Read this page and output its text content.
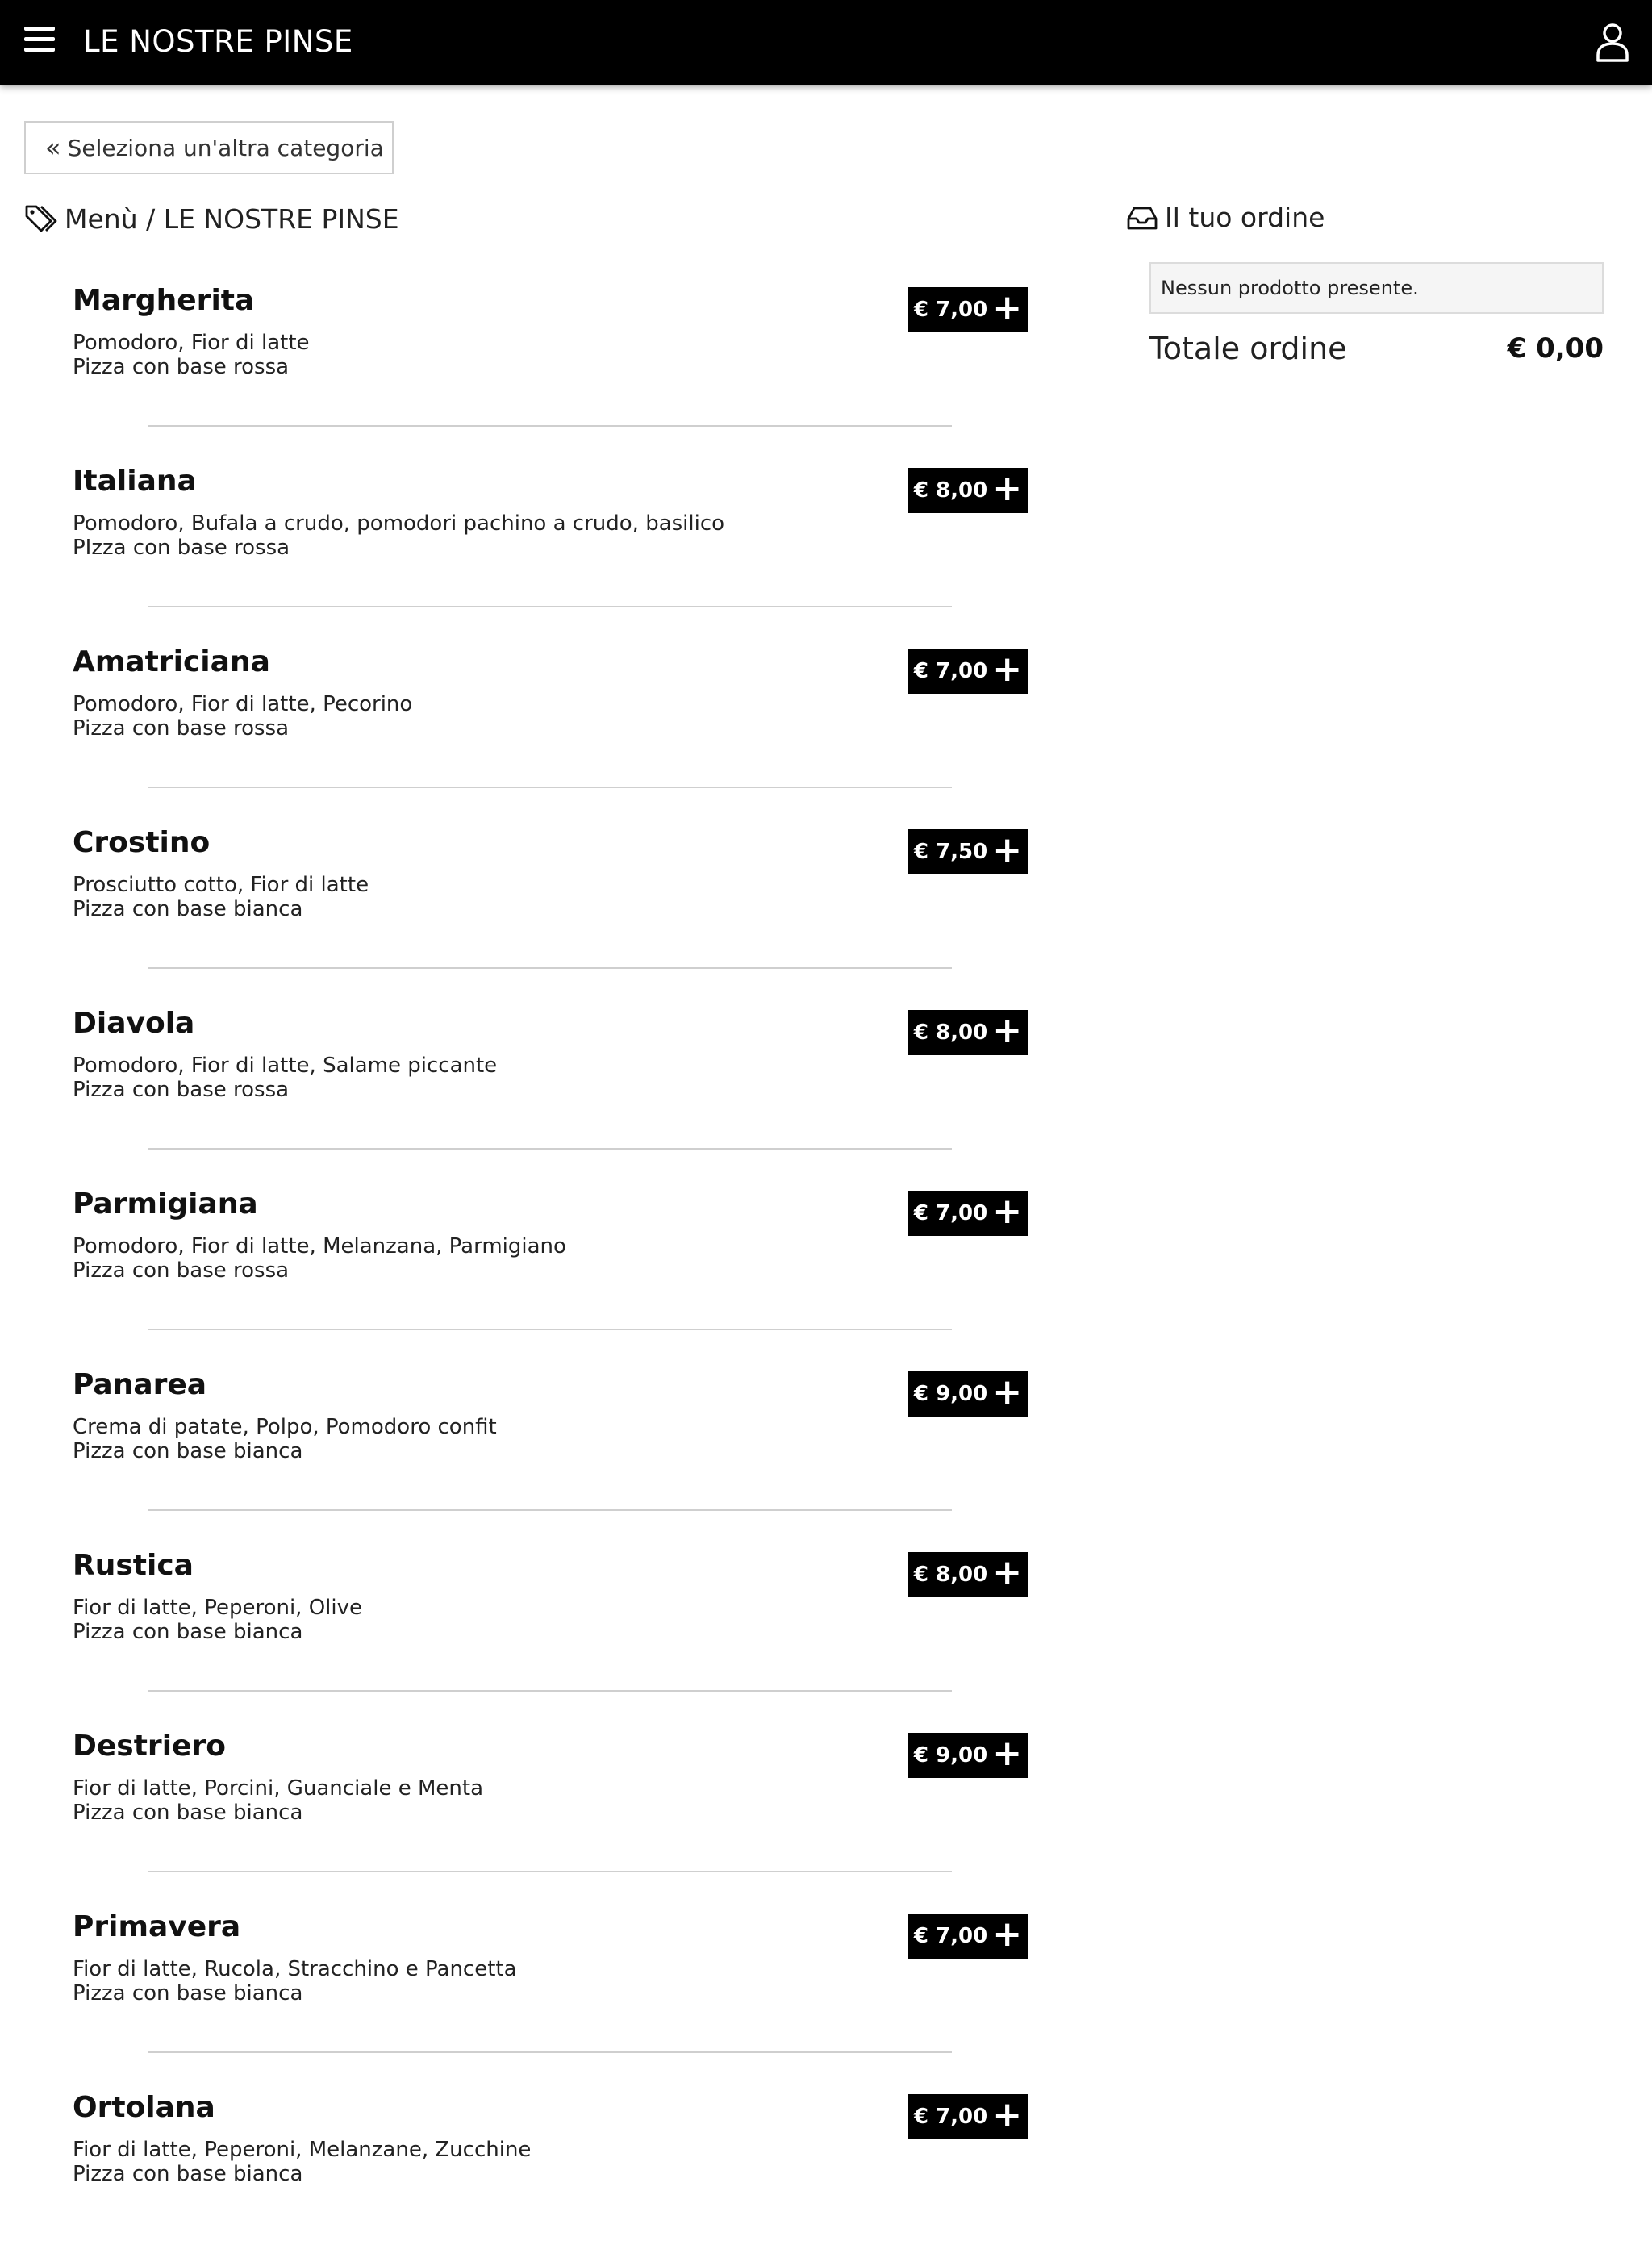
LE NOSTRE PINSE
« Seleziona un'altra categoria
Menù / LE NOSTRE PINSE
Margherita
Pomodoro, Fior di latte
Pizza con base rossa
€ 7,00 +
Italiana
Pomodoro, Bufala a crudo, pomodori pachino a crudo, basilico
PIzza con base rossa
€ 8,00 +
Amatriciana
Pomodoro, Fior di latte, Pecorino
Pizza con base rossa
€ 7,00 +
Crostino
Prosciutto cotto, Fior di latte
Pizza con base bianca
€ 7,50 +
Diavola
Pomodoro, Fior di latte, Salame piccante
Pizza con base rossa
€ 8,00 +
Parmigiana
Pomodoro, Fior di latte, Melanzana, Parmigiano
Pizza con base rossa
€ 7,00 +
Panarea
Crema di patate, Polpo, Pomodoro confit
Pizza con base bianca
€ 9,00 +
Rustica
Fior di latte, Peperoni, Olive
Pizza con base bianca
€ 8,00 +
Destriero
Fior di latte, Porcini, Guanciale e Menta
Pizza con base bianca
€ 9,00 +
Primavera
Fior di latte, Rucola, Stracchino e Pancetta
Pizza con base bianca
€ 7,00 +
Ortolana
Fior di latte, Peperoni, Melanzane, Zucchine
Pizza con base bianca
€ 7,00 +
Il tuo ordine
Nessun prodotto presente.
Totale ordine	€ 0,00
